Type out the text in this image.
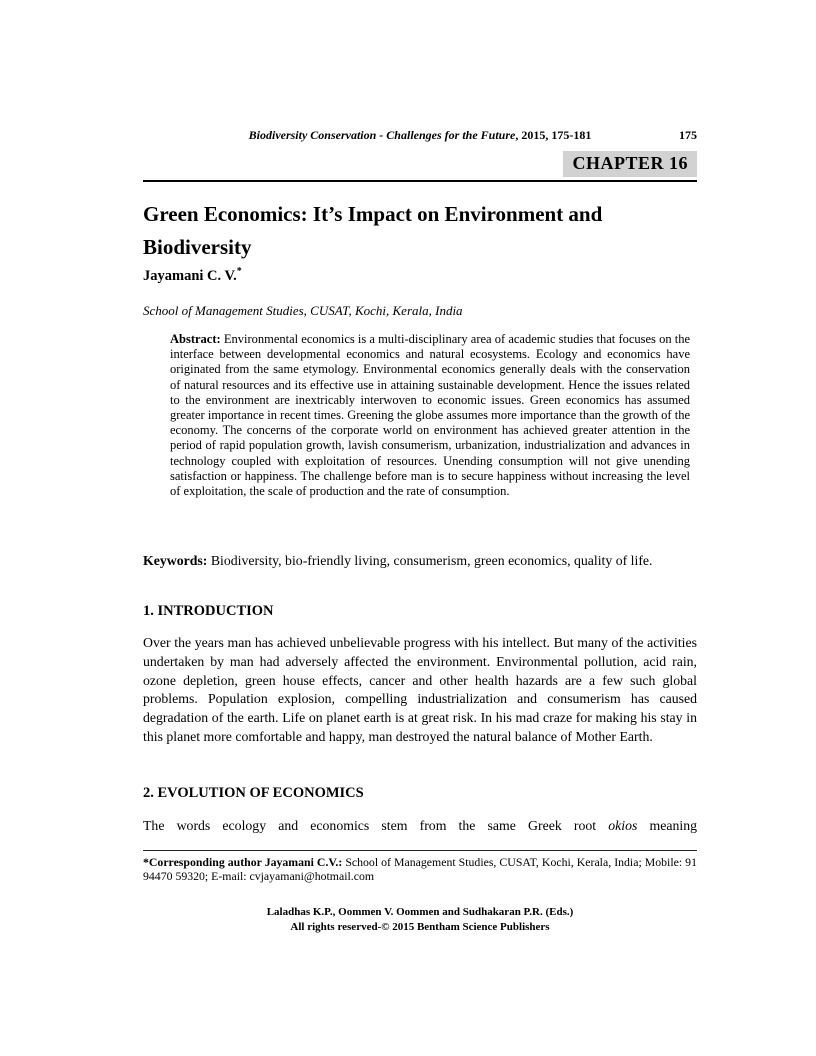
Biodiversity Conservation - Challenges for the Future, 2015, 175-181	175
CHAPTER 16
Green Economics: It’s Impact on Environment and Biodiversity
Jayamani C. V.*
School of Management Studies, CUSAT, Kochi, Kerala, India
Abstract: Environmental economics is a multi-disciplinary area of academic studies that focuses on the interface between developmental economics and natural ecosystems. Ecology and economics have originated from the same etymology. Environmental economics generally deals with the conservation of natural resources and its effective use in attaining sustainable development. Hence the issues related to the environment are inextricably interwoven to economic issues. Green economics has assumed greater importance in recent times. Greening the globe assumes more importance than the growth of the economy. The concerns of the corporate world on environment has achieved greater attention in the period of rapid population growth, lavish consumerism, urbanization, industrialization and advances in technology coupled with exploitation of resources. Unending consumption will not give unending satisfaction or happiness. The challenge before man is to secure happiness without increasing the level of exploitation, the scale of production and the rate of consumption.
Keywords: Biodiversity, bio-friendly living, consumerism, green economics, quality of life.
1. INTRODUCTION
Over the years man has achieved unbelievable progress with his intellect. But many of the activities undertaken by man had adversely affected the environment. Environmental pollution, acid rain, ozone depletion, green house effects, cancer and other health hazards are a few such global problems. Population explosion, compelling industrialization and consumerism has caused degradation of the earth. Life on planet earth is at great risk. In his mad craze for making his stay in this planet more comfortable and happy, man destroyed the natural balance of Mother Earth.
2. EVOLUTION OF ECONOMICS
The words ecology and economics stem from the same Greek root okios meaning
*Corresponding author Jayamani C.V.: School of Management Studies, CUSAT, Kochi, Kerala, India; Mobile: 91 94470 59320; E-mail: cvjayamani@hotmail.com
Laladhas K.P., Oommen V. Oommen and Sudhakaran P.R. (Eds.)
All rights reserved-© 2015 Bentham Science Publishers
